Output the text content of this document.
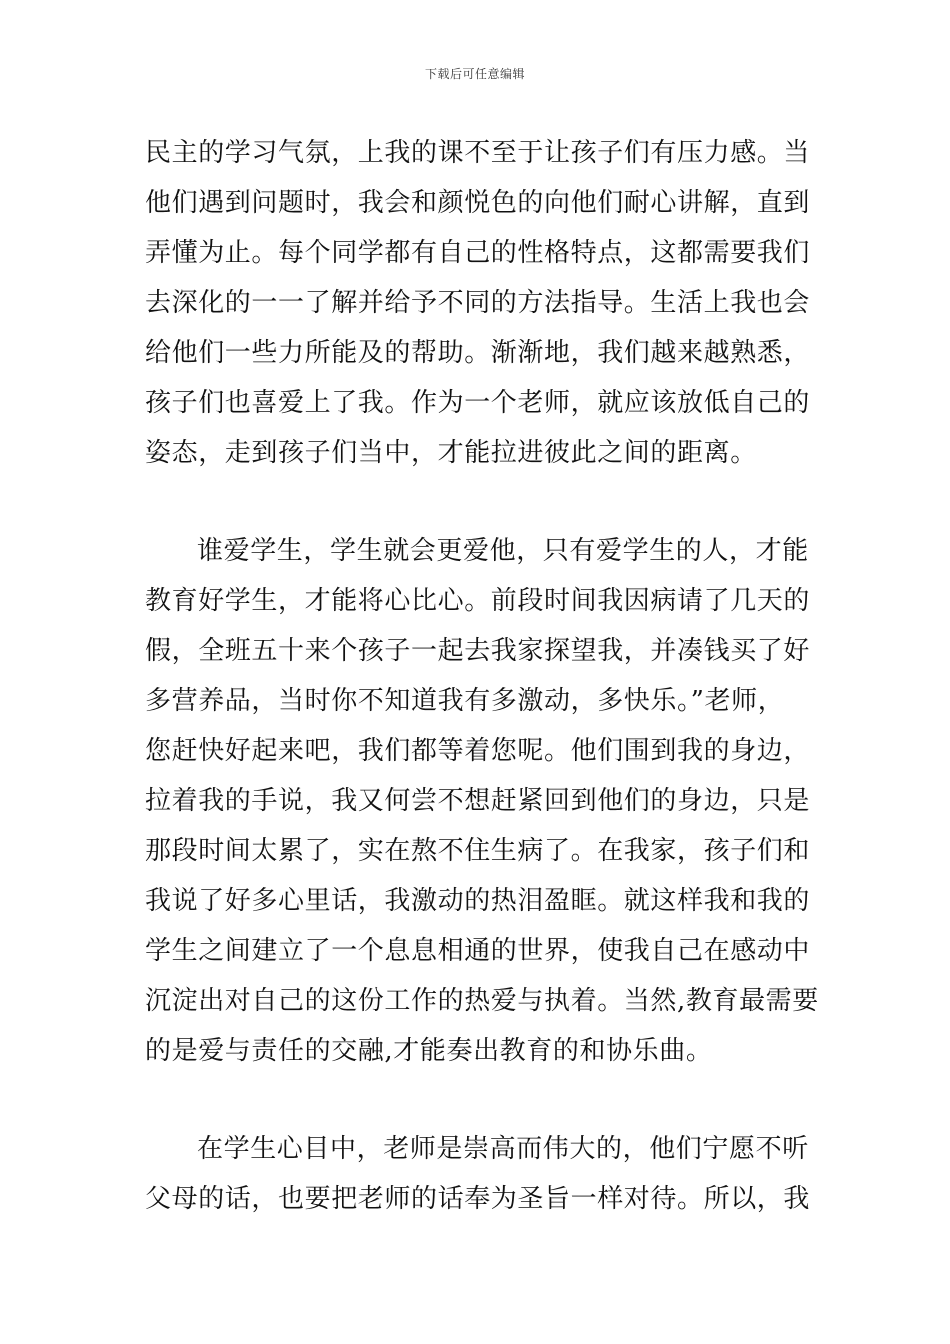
下载后可任意编辑
民主的学习气氛，上我的课不至于让孩子们有压力感。当
他们遇到问题时，我会和颜悦色的向他们耐心讲解，直到
弄懂为止。每个同学都有自己的性格特点，这都需要我们
去深化的一一了解并给予不同的方法指导。生活上我也会
给他们一些力所能及的帮助。渐渐地，我们越来越熟悉，
孩子们也喜爱上了我。作为一个老师，就应该放低自己的
姿态，走到孩子们当中，才能拉进彼此之间的距离。
谁爱学生，学生就会更爱他，只有爱学生的人，才能
教育好学生，才能将心比心。前段时间我因病请了几天的
假，全班五十来个孩子一起去我家探望我，并凑钱买了好
多营养品，当时你不知道我有多激动，多快乐。”老师，
您赶快好起来吧，我们都等着您呢。他们围到我的身边，
拉着我的手说，我又何尝不想赶紧回到他们的身边，只是
那段时间太累了，实在熬不住生病了。在我家，孩子们和
我说了好多心里话，我激动的热泪盈眶。就这样我和我的
学生之间建立了一个息息相通的世界，使我自己在感动中
沉淀出对自己的这份工作的热爱与执着。当然,教育最需要
的是爱与责任的交融,才能奏出教育的和协乐曲。
在学生心目中，老师是崇高而伟大的，他们宁愿不听
父母的话，也要把老师的话奉为圣旨一样对待。所以，我
